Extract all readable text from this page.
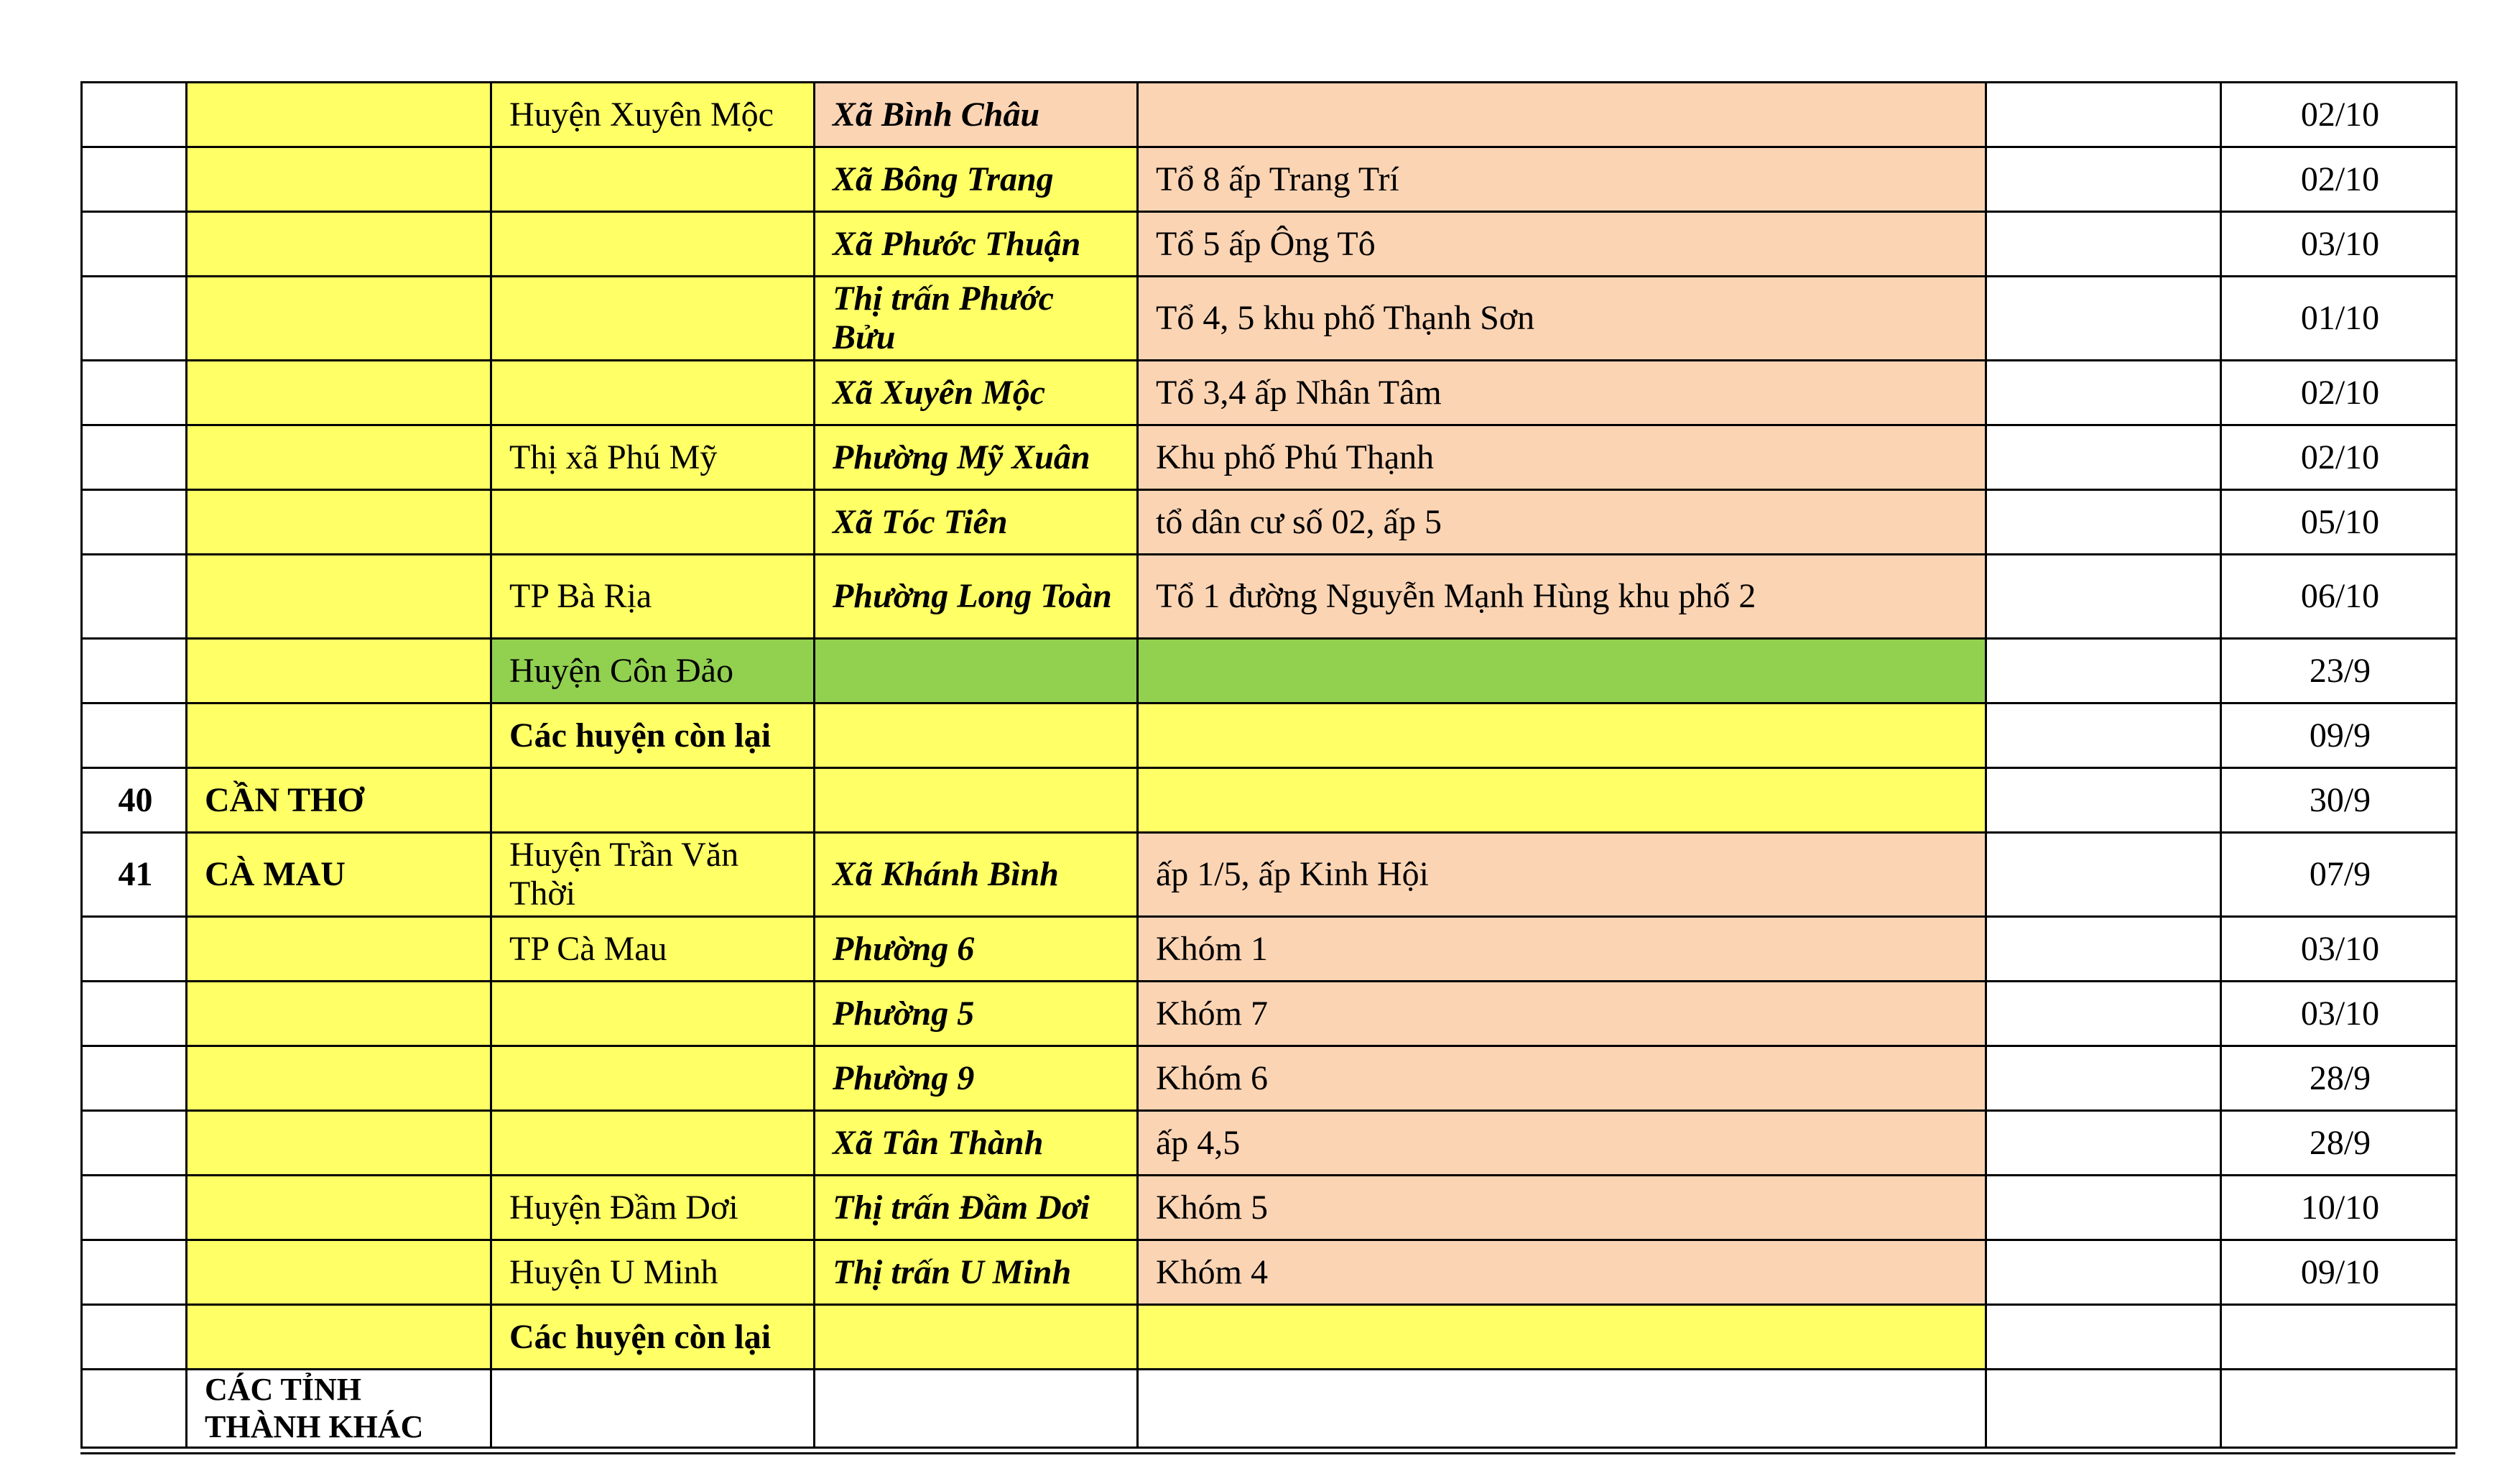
		Huyện Xuyên Mộc	Xã Bình Châu			02/10
			Xã Bông Trang	Tổ 8 ấp Trang Trí		02/10
			Xã Phước Thuận	Tổ 5 ấp Ông Tô		03/10
			Thị trấn Phước Bửu	Tổ 4, 5 khu phố Thạnh Sơn		01/10
			Xã Xuyên Mộc	Tổ 3,4 ấp Nhân Tâm		02/10
		Thị xã Phú Mỹ	Phường Mỹ Xuân	Khu phố Phú Thạnh		02/10
			Xã Tóc Tiên	tổ dân cư số 02, ấp 5		05/10
		TP Bà Rịa	Phường Long Toàn	Tổ 1 đường Nguyễn Mạnh Hùng khu phố 2		06/10
		Huyện Côn Đảo				23/9
		Các huyện còn lại				09/9
40	CẦN THƠ					30/9
41	CÀ MAU	Huyện Trần Văn Thời	Xã Khánh Bình	ấp 1/5, ấp Kinh Hội		07/9
		TP Cà Mau	Phường 6	Khóm 1		03/10
			Phường 5	Khóm 7		03/10
			Phường 9	Khóm 6		28/9
			Xã Tân Thành	ấp 4,5		28/9
		Huyện Đầm Dơi	Thị trấn Đầm Dơi	Khóm 5		10/10
		Huyện U Minh	Thị trấn U Minh	Khóm 4		09/10
		Các huyện còn lại				
	CÁC TỈNH THÀNH KHÁC					
